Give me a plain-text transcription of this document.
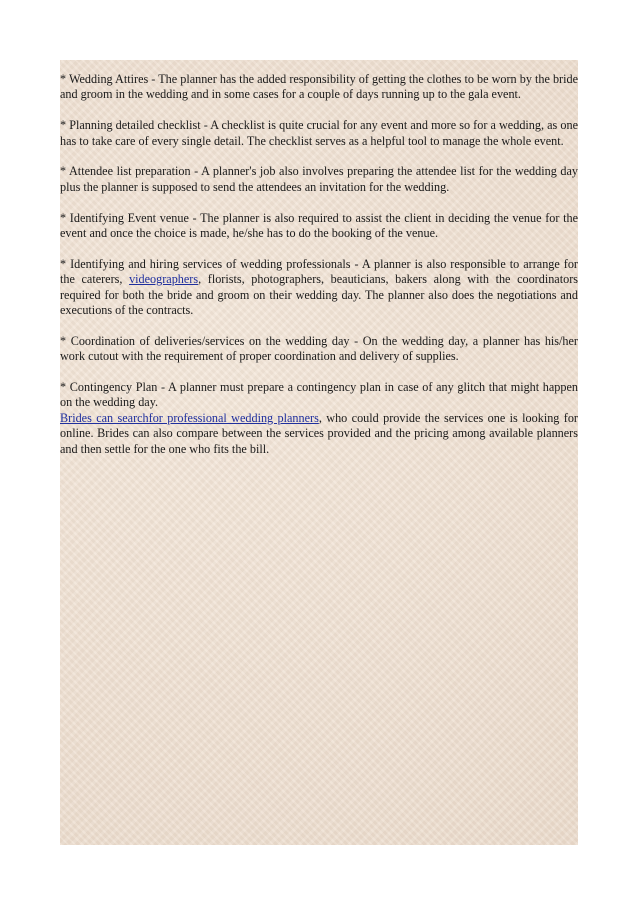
* Wedding Attires - The planner has the added responsibility of getting the clothes to be worn by the bride and groom in the wedding and in some cases for a couple of days running up to the gala event.

* Planning detailed checklist - A checklist is quite crucial for any event and more so for a wedding, as one has to take care of every single detail. The checklist serves as a helpful tool to manage the whole event.

* Attendee list preparation - A planner's job also involves preparing the attendee list for the wedding day plus the planner is supposed to send the attendees an invitation for the wedding.

* Identifying Event venue - The planner is also required to assist the client in deciding the venue for the event and once the choice is made, he/she has to do the booking of the venue.

* Identifying and hiring services of wedding professionals - A planner is also responsible to arrange for the caterers, videographers, florists, photographers, beauticians, bakers along with the coordinators required for both the bride and groom on their wedding day. The planner also does the negotiations and executions of the contracts.

* Coordination of deliveries/services on the wedding day - On the wedding day, a planner has his/her work cutout with the requirement of proper coordination and delivery of supplies.

* Contingency Plan - A planner must prepare a contingency plan in case of any glitch that might happen on the wedding day.

Brides can searchfor professional wedding planners, who could provide the services one is looking for online. Brides can also compare between the services provided and the pricing among available planners and then settle for the one who fits the bill.
